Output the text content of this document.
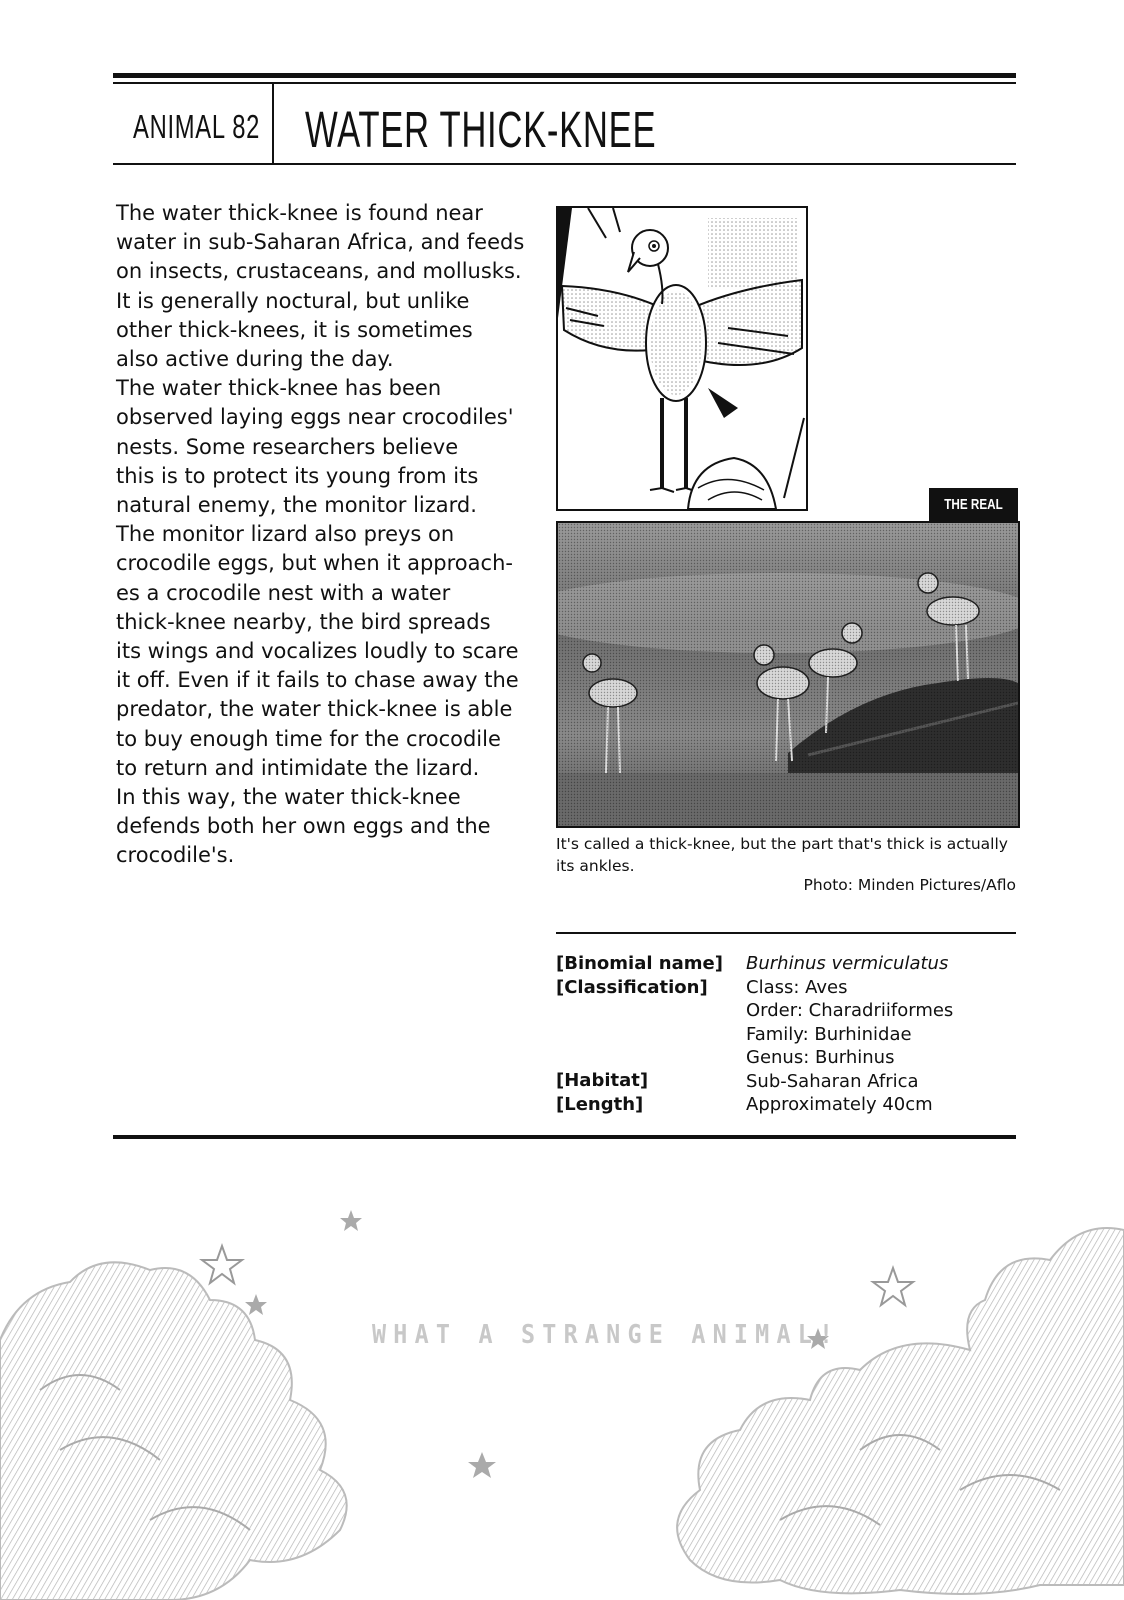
ANIMAL 82 WATER THICK-KNEE

The water thick-knee is found near
water in sub-Saharan Africa, and feeds
on insects, crustaceans, and mollusks.
It is generally noctural, but unlike
other thick-knees, it is sometimes
also active during the day.

The water thick-knee has been
observed laying eggs near crocodiles'
nests. Some researchers believe
this is to protect its young from its
natural enemy, the monitor lizard.
The monitor lizard also preys on
crocodile eggs, but when it approach-
es a crocodile nest with a water
thick-knee nearby, the bird spreads
its wings and vocalizes loudly to scare
it off. Even if it fails to chase away the
predator, the water thick-knee is able
to buy enough time for the crocodile
to return and intimidate the lizard.

In this way, the water thick-knee
defends both her own eggs and the
crocodile's.

THE REAL
It's called a thick-knee, but the part that's thick is actually
its ankles.
Photo: Minden Pictures/Aflo
[Binomial name]
[Classification]
[Habitat]
[Length]
Burhinus vermiculatus
Class: Aves
Order: Charadriiformes
Family: Burhinidae
Genus: Burhinus
Sub-Saharan Africa
Approximately 40cm
WHAT A STRANGE ANIMAL!
